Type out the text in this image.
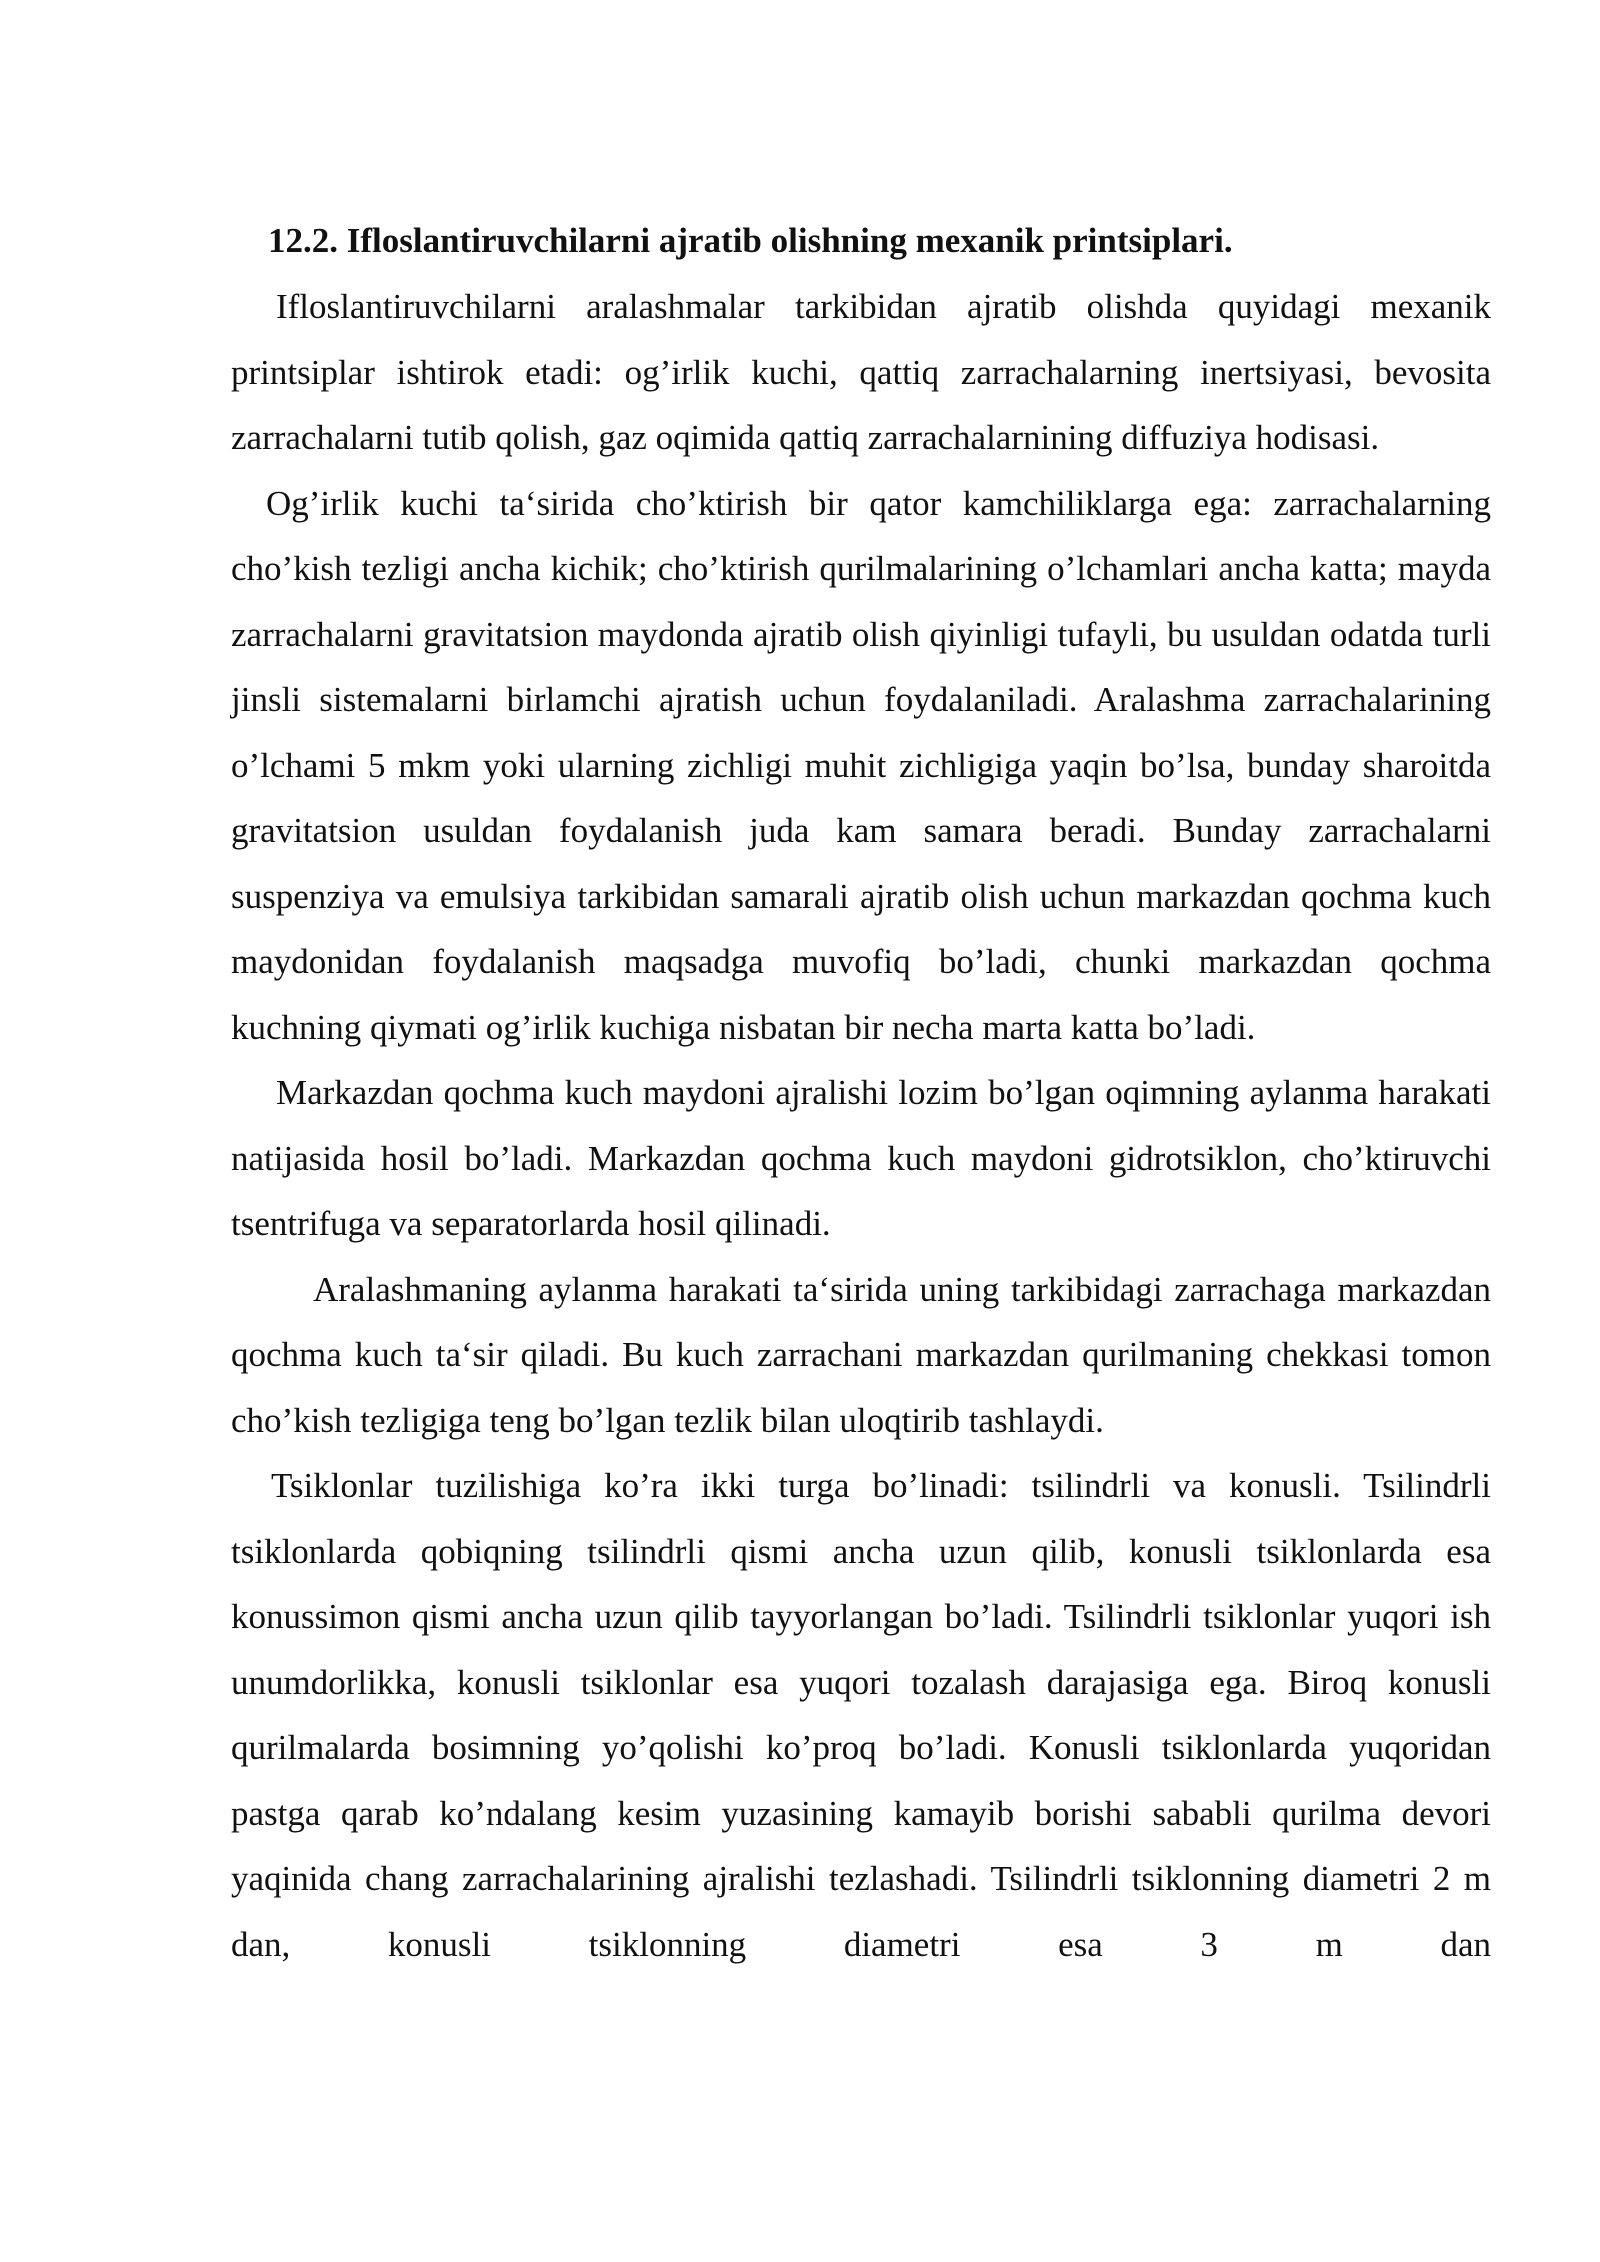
12.2. Ifloslantiruvchilarni ajratib olishning mexanik printsiplari.

Ifloslantiruvchilarni aralashmalar tarkibidan ajratib olishda quyidagi mexanik printsiplar ishtirok etadi: og’irlik kuchi, qattiq zarrachalarning inertsiyasi, bevosita zarrachalarni tutib qolish, gaz oqimida qattiq zarrachalarnining diffuziya hodisasi.

Og’irlik kuchi ta‘sirida cho’ktirish bir qator kamchiliklarga ega: zarrachalarning cho’kish tezligi ancha kichik; cho’ktirish qurilmalarining o’lchamlari ancha katta; mayda zarrachalarni gravitatsion maydonda ajratib olish qiyinligi tufayli, bu usuldan odatda turli jinsli sistemalarni birlamchi ajratish uchun foydalaniladi. Aralashma zarrachalarining o’lchami 5 mkm yoki ularning zichligi muhit zichligiga yaqin bo’lsa, bunday sharoitda gravitatsion usuldan foydalanish juda kam samara beradi. Bunday zarrachalarni suspenziya va emulsiya tarkibidan samarali ajratib olish uchun markazdan qochma kuch maydonidan foydalanish maqsadga muvofiq bo’ladi, chunki markazdan qochma kuchning qiymati og’irlik kuchiga nisbatan bir necha marta katta bo’ladi.

Markazdan qochma kuch maydoni ajralishi lozim bo’lgan oqimning aylanma harakati natijasida hosil bo’ladi. Markazdan qochma kuch maydoni gidrotsiklon, cho’ktiruvchi tsentrifuga va separatorlarda hosil qilinadi.

Aralashmaning aylanma harakati ta‘sirida uning tarkibidagi zarrachaga markazdan qochma kuch ta‘sir qiladi. Bu kuch zarrachani markazdan qurilmaning chekkasi tomon cho’kish tezligiga teng bo’lgan tezlik bilan uloqtirib tashlaydi.

Tsiklonlar tuzilishiga ko’ra ikki turga bo’linadi: tsilindrli va konusli. Tsilindrli tsiklonlarda qobiqning tsilindrli qismi ancha uzun qilib, konusli tsiklonlarda esa konussimon qismi ancha uzun qilib tayyorlangan bo’ladi. Tsilindrli tsiklonlar yuqori ish unumdorlikka, konusli tsiklonlar esa yuqori tozalash darajasiga ega. Biroq konusli qurilmalarda bosimning yo’qolishi ko’proq bo’ladi. Konusli tsiklonlarda yuqoridan pastga qarab ko’ndalang kesim yuzasining kamayib borishi sababli qurilma devori yaqinida chang zarrachalarining ajralishi tezlashadi. Tsilindrli tsiklonning diametri 2 m dan, konusli tsiklonning diametri esa 3 m dan
